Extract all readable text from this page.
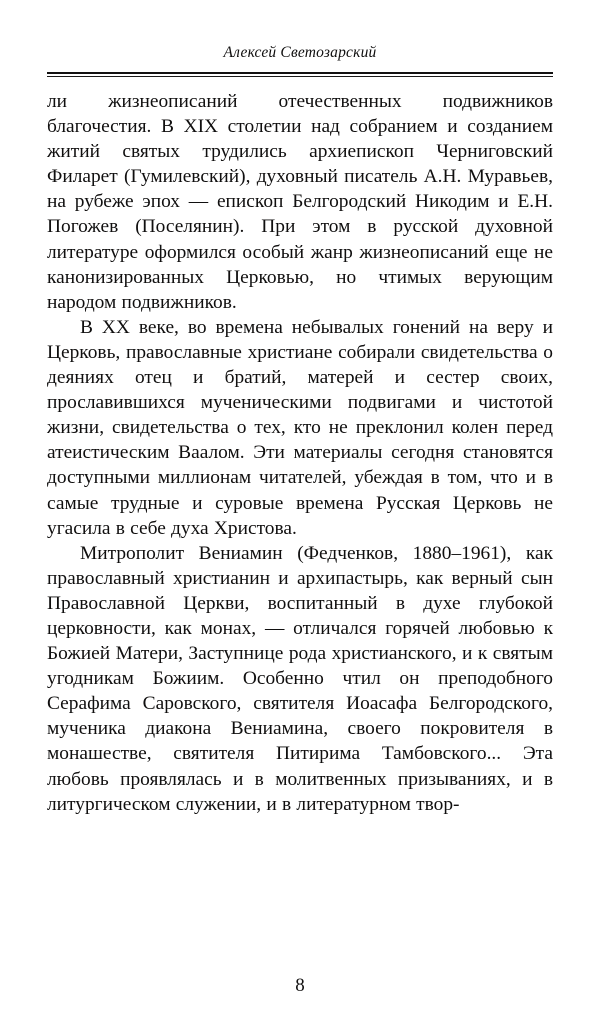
Алексей Светозарский

ли жизнеописаний отечественных подвижников благочестия. В XIX столетии над собранием и созданием житий святых трудились архиепископ Черниговский Филарет (Гумилевский), духовный писатель А.Н. Муравьев, на рубеже эпох — епископ Белгородский Никодим и Е.Н. Погожев (Поселянин). При этом в русской духовной литературе оформился особый жанр жизнеописаний еще не канонизированных Церковью, но чтимых верующим народом подвижников.

В XX веке, во времена небывалых гонений на веру и Церковь, православные христиане собирали свидетельства о деяниях отец и братий, матерей и сестер своих, прославившихся мученическими подвигами и чистотой жизни, свидетельства о тех, кто не преклонил колен перед атеистическим Ваалом. Эти материалы сегодня становятся доступными миллионам читателей, убеждая в том, что и в самые трудные и суровые времена Русская Церковь не угасила в себе духа Христова.

Митрополит Вениамин (Федченков, 1880–1961), как православный христианин и архипастырь, как верный сын Православной Церкви, воспитанный в духе глубокой церковности, как монах, — отличался горячей любовью к Божией Матери, Заступнице рода христианского, и к святым угодникам Божиим. Особенно чтил он преподобного Серафима Саровского, святителя Иоасафа Белгородского, мученика диакона Вениамина, своего покровителя в монашестве, святителя Питирима Тамбовского... Эта любовь проявлялась и в молитвенных призываниях, и в литургическом служении, и в литературном твор-

8
